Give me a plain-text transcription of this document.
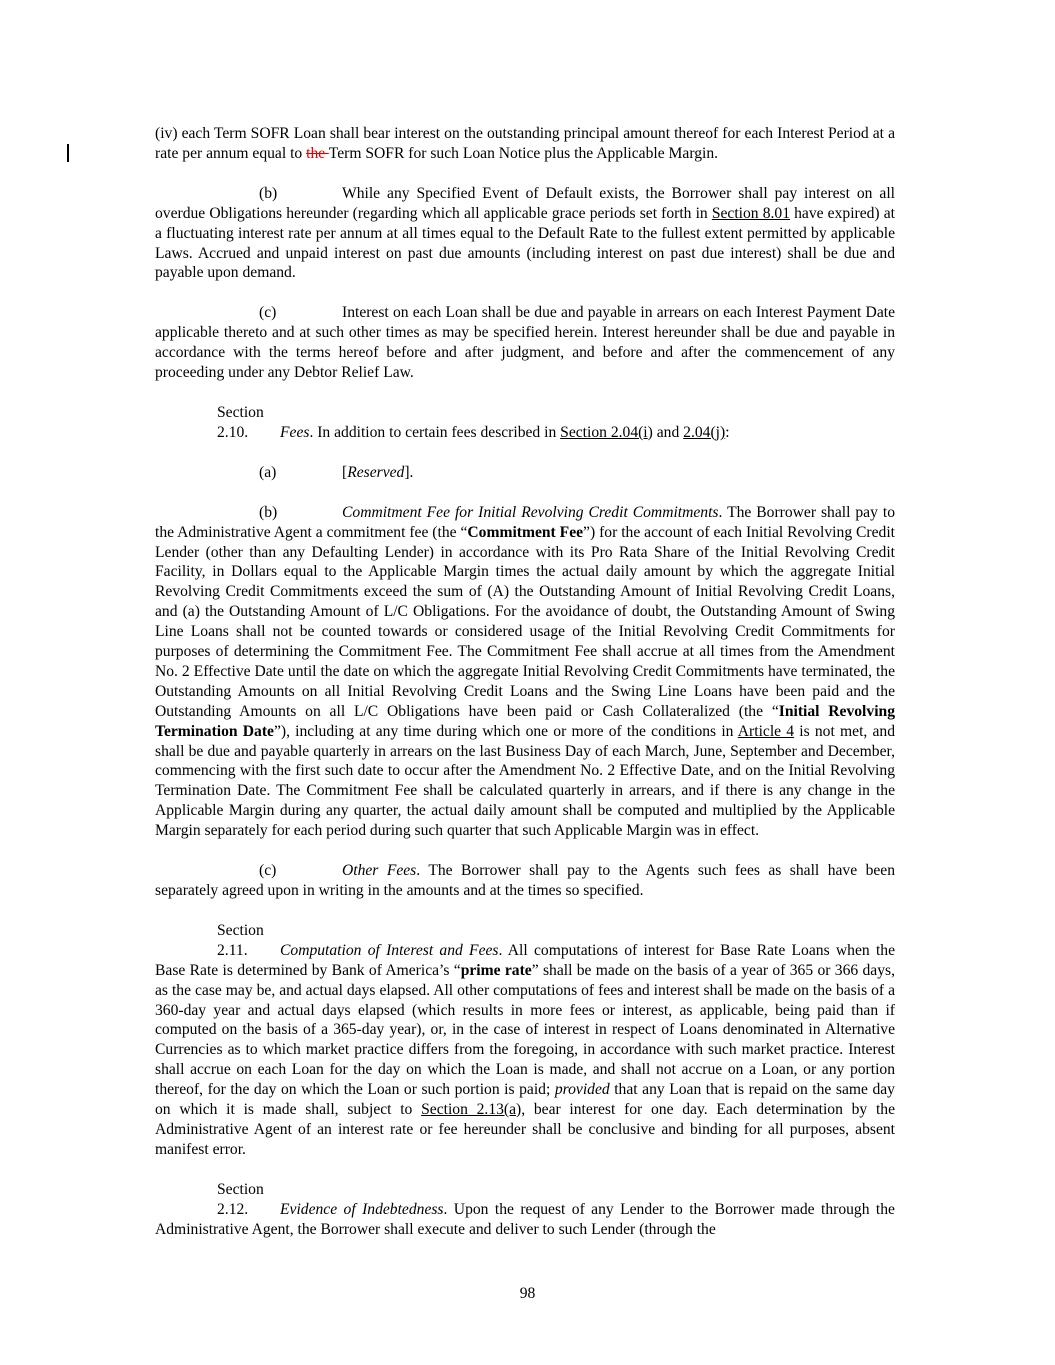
(iv) each Term SOFR Loan shall bear interest on the outstanding principal amount thereof for each Interest Period at a rate per annum equal to the Term SOFR for such Loan Notice plus the Applicable Margin.

(b)	While any Specified Event of Default exists, the Borrower shall pay interest on all overdue Obligations hereunder (regarding which all applicable grace periods set forth in Section 8.01 have expired) at a fluctuating interest rate per annum at all times equal to the Default Rate to the fullest extent permitted by applicable Laws. Accrued and unpaid interest on past due amounts (including interest on past due interest) shall be due and payable upon demand.

(c)	Interest on each Loan shall be due and payable in arrears on each Interest Payment Date applicable thereto and at such other times as may be specified herein. Interest hereunder shall be due and payable in accordance with the terms hereof before and after judgment, and before and after the commencement of any proceeding under any Debtor Relief Law.

Section 2.10. Fees. In addition to certain fees described in Section 2.04(i) and 2.04(j):

(a)	[Reserved].

(b)	Commitment Fee for Initial Revolving Credit Commitments. The Borrower shall pay to the Administrative Agent a commitment fee (the “Commitment Fee”) for the account of each Initial Revolving Credit Lender (other than any Defaulting Lender) in accordance with its Pro Rata Share of the Initial Revolving Credit Facility, in Dollars equal to the Applicable Margin times the actual daily amount by which the aggregate Initial Revolving Credit Commitments exceed the sum of (A) the Outstanding Amount of Initial Revolving Credit Loans, and (a) the Outstanding Amount of L/C Obligations. For the avoidance of doubt, the Outstanding Amount of Swing Line Loans shall not be counted towards or considered usage of the Initial Revolving Credit Commitments for purposes of determining the Commitment Fee. The Commitment Fee shall accrue at all times from the Amendment No. 2 Effective Date until the date on which the aggregate Initial Revolving Credit Commitments have terminated, the Outstanding Amounts on all Initial Revolving Credit Loans and the Swing Line Loans have been paid and the Outstanding Amounts on all L/C Obligations have been paid or Cash Collateralized (the “Initial Revolving Termination Date”), including at any time during which one or more of the conditions in Article 4 is not met, and shall be due and payable quarterly in arrears on the last Business Day of each March, June, September and December, commencing with the first such date to occur after the Amendment No. 2 Effective Date, and on the Initial Revolving Termination Date. The Commitment Fee shall be calculated quarterly in arrears, and if there is any change in the Applicable Margin during any quarter, the actual daily amount shall be computed and multiplied by the Applicable Margin separately for each period during such quarter that such Applicable Margin was in effect.

(c)	Other Fees. The Borrower shall pay to the Agents such fees as shall have been separately agreed upon in writing in the amounts and at the times so specified.

Section 2.11. Computation of Interest and Fees. All computations of interest for Base Rate Loans when the Base Rate is determined by Bank of America’s “prime rate” shall be made on the basis of a year of 365 or 366 days, as the case may be, and actual days elapsed. All other computations of fees and interest shall be made on the basis of a 360-day year and actual days elapsed (which results in more fees or interest, as applicable, being paid than if computed on the basis of a 365-day year), or, in the case of interest in respect of Loans denominated in Alternative Currencies as to which market practice differs from the foregoing, in accordance with such market practice. Interest shall accrue on each Loan for the day on which the Loan is made, and shall not accrue on a Loan, or any portion thereof, for the day on which the Loan or such portion is paid; provided that any Loan that is repaid on the same day on which it is made shall, subject to Section 2.13(a), bear interest for one day. Each determination by the Administrative Agent of an interest rate or fee hereunder shall be conclusive and binding for all purposes, absent manifest error.

Section 2.12. Evidence of Indebtedness. Upon the request of any Lender to the Borrower made through the Administrative Agent, the Borrower shall execute and deliver to such Lender (through the

98
